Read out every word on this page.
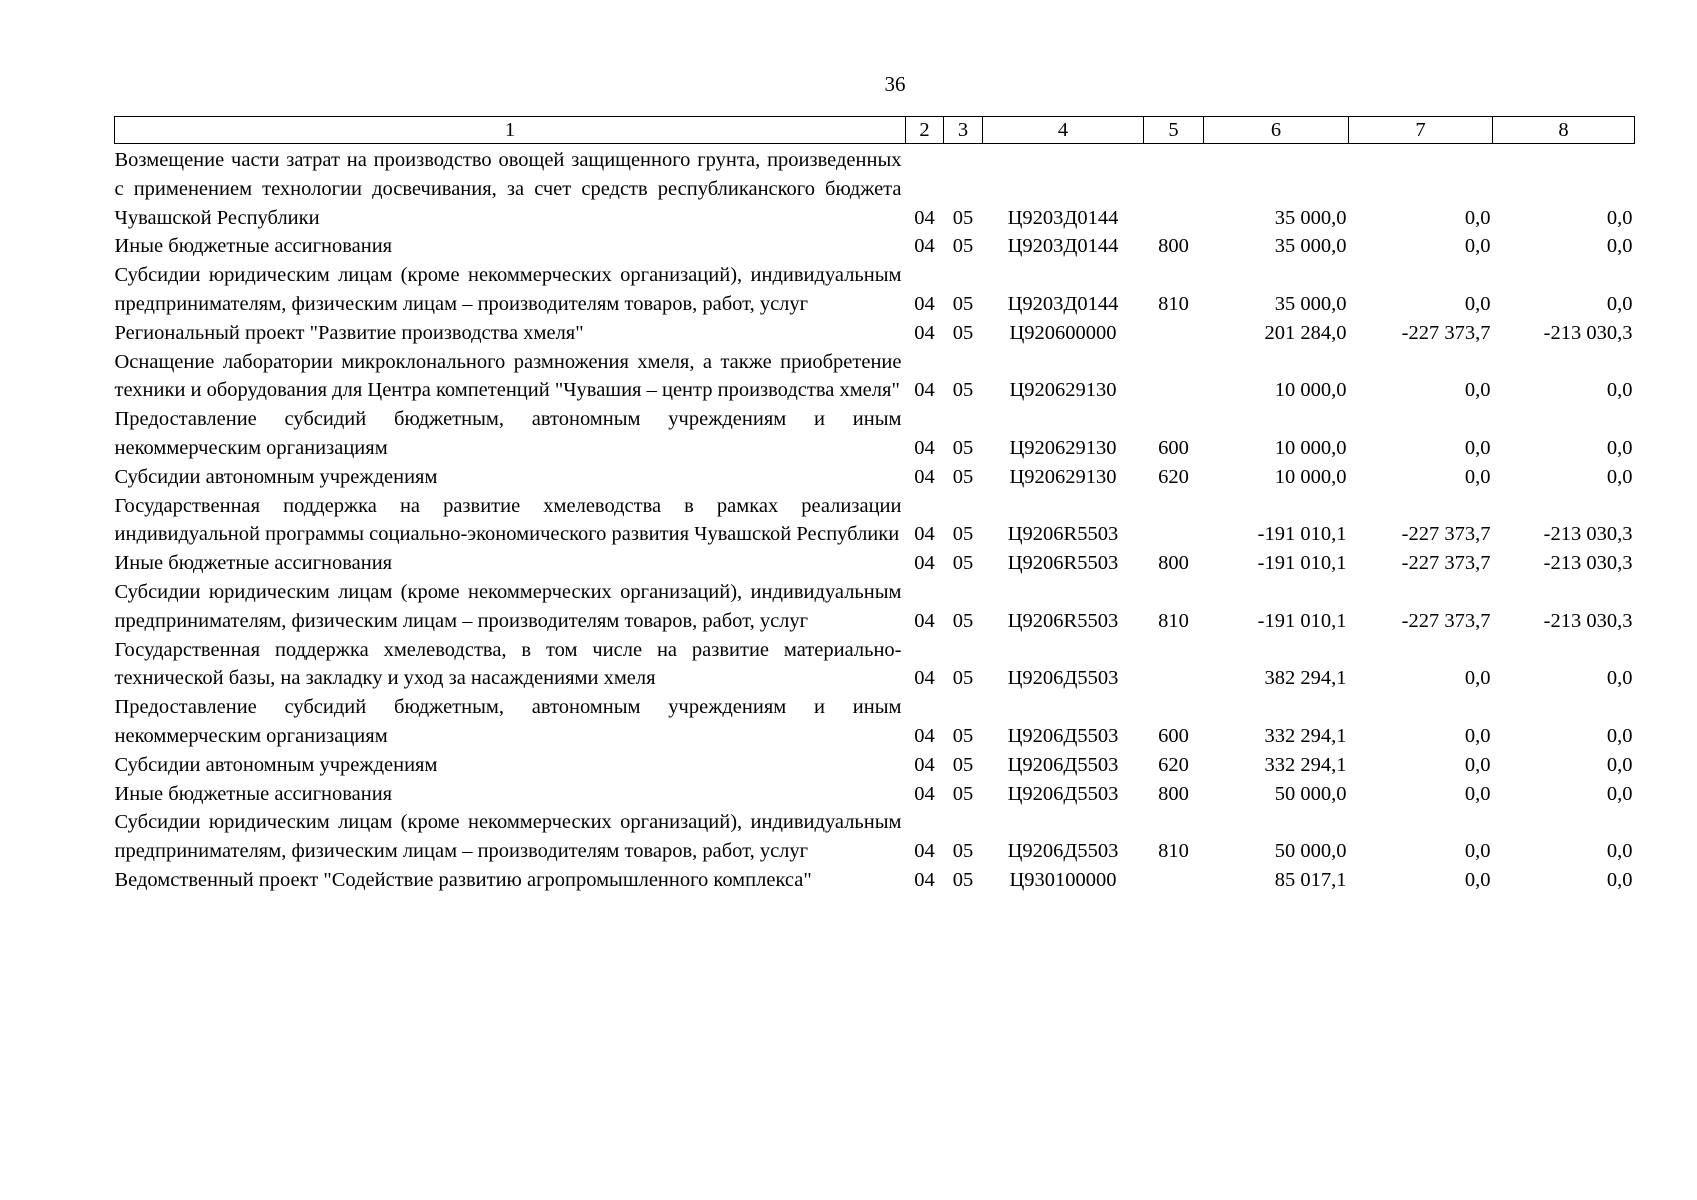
36
1	2	3	4	5	6	7	8
Возмещение части затрат на производство овощей защищенного грунта, произведенных с применением технологии досвечивания, за счет средств республиканского бюджета Чувашской Республики	04	05	Ц9203Д0144		35 000,0	0,0	0,0
Иные бюджетные ассигнования	04	05	Ц9203Д0144	800	35 000,0	0,0	0,0
Субсидии юридическим лицам (кроме некоммерческих организаций), индивидуальным предпринимателям, физическим лицам – производителям товаров, работ, услуг	04	05	Ц9203Д0144	810	35 000,0	0,0	0,0
Региональный проект "Развитие производства хмеля"	04	05	Ц920600000		201 284,0	-227 373,7	-213 030,3
Оснащение лаборатории микроклонального размножения хмеля, а также приобретение техники и оборудования для Центра компетенций "Чувашия – центр производства хмеля"	04	05	Ц920629130		10 000,0	0,0	0,0
Предоставление субсидий бюджетным, автономным учреждениям и иным некоммерческим организациям	04	05	Ц920629130	600	10 000,0	0,0	0,0
Субсидии автономным учреждениям	04	05	Ц920629130	620	10 000,0	0,0	0,0
Государственная поддержка на развитие хмелеводства в рамках реализации индивидуальной программы социально-экономического развития Чувашской Республики	04	05	Ц9206R5503		-191 010,1	-227 373,7	-213 030,3
Иные бюджетные ассигнования	04	05	Ц9206R5503	800	-191 010,1	-227 373,7	-213 030,3
Субсидии юридическим лицам (кроме некоммерческих организаций), индивидуальным предпринимателям, физическим лицам – производителям товаров, работ, услуг	04	05	Ц9206R5503	810	-191 010,1	-227 373,7	-213 030,3
Государственная поддержка хмелеводства, в том числе на развитие материально-технической базы, на закладку и уход за насаждениями хмеля	04	05	Ц9206Д5503		382 294,1	0,0	0,0
Предоставление субсидий бюджетным, автономным учреждениям и иным некоммерческим организациям	04	05	Ц9206Д5503	600	332 294,1	0,0	0,0
Субсидии автономным учреждениям	04	05	Ц9206Д5503	620	332 294,1	0,0	0,0
Иные бюджетные ассигнования	04	05	Ц9206Д5503	800	50 000,0	0,0	0,0
Субсидии юридическим лицам (кроме некоммерческих организаций), индивидуальным предпринимателям, физическим лицам – производителям товаров, работ, услуг	04	05	Ц9206Д5503	810	50 000,0	0,0	0,0
Ведомственный проект "Содействие развитию агропромышленного комплекса"	04	05	Ц930100000		85 017,1	0,0	0,0
